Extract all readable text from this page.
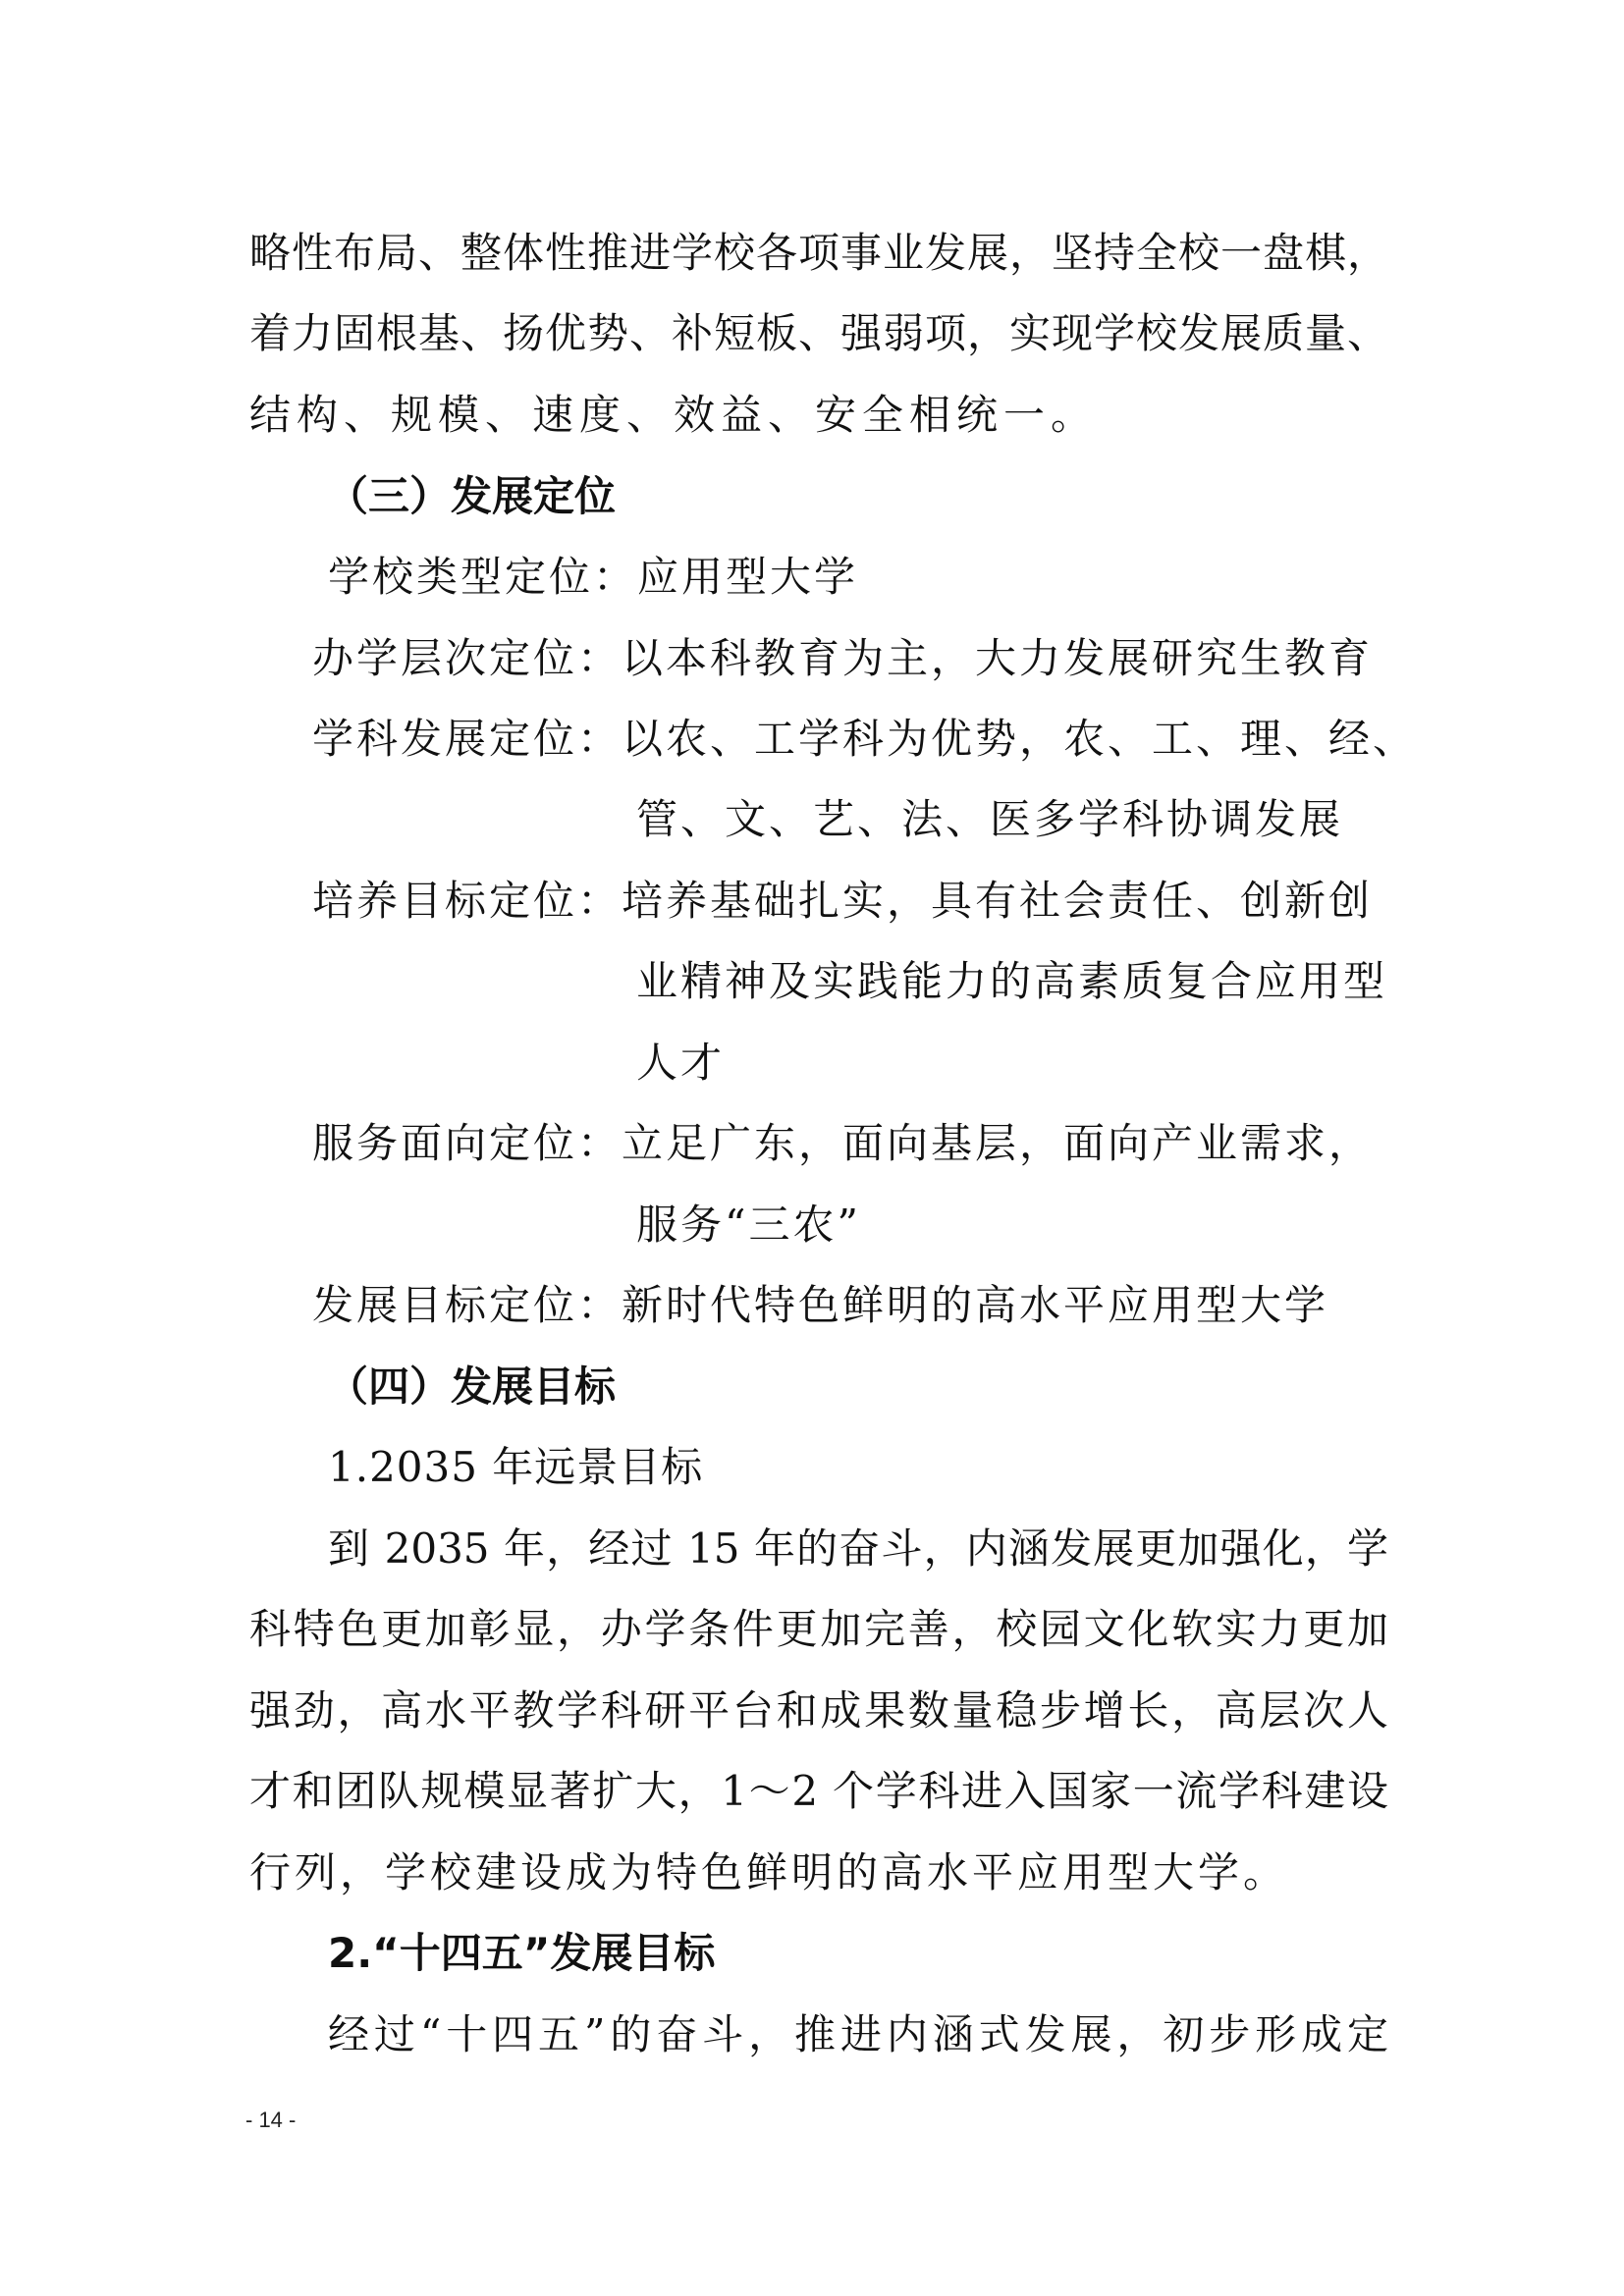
略性布局、整体性推进学校各项事业发展，坚持全校一盘棋，
着力固根基、扬优势、补短板、强弱项，实现学校发展质量、
结构、规模、速度、效益、安全相统一。
（三）发展定位
学校类型定位：应用型大学
办学层次定位：以本科教育为主，大力发展研究生教育
学科发展定位：以农、工学科为优势，农、工、理、经、
管、文、艺、法、医多学科协调发展
培养目标定位：培养基础扎实，具有社会责任、创新创
业精神及实践能力的高素质复合应用型
人才
服务面向定位：立足广东，面向基层，面向产业需求，
服务“三农”
发展目标定位：新时代特色鲜明的高水平应用型大学
（四）发展目标
1.2035 年远景目标
到 2035 年，经过 15 年的奋斗，内涵发展更加强化，学
科特色更加彰显，办学条件更加完善，校园文化软实力更加
强劲，高水平教学科研平台和成果数量稳步增长，高层次人
才和团队规模显著扩大，1～2 个学科进入国家一流学科建设
行列，学校建设成为特色鲜明的高水平应用型大学。
2.“十四五”发展目标
经过“十四五”的奋斗，推进内涵式发展，初步形成定
- 14 -
